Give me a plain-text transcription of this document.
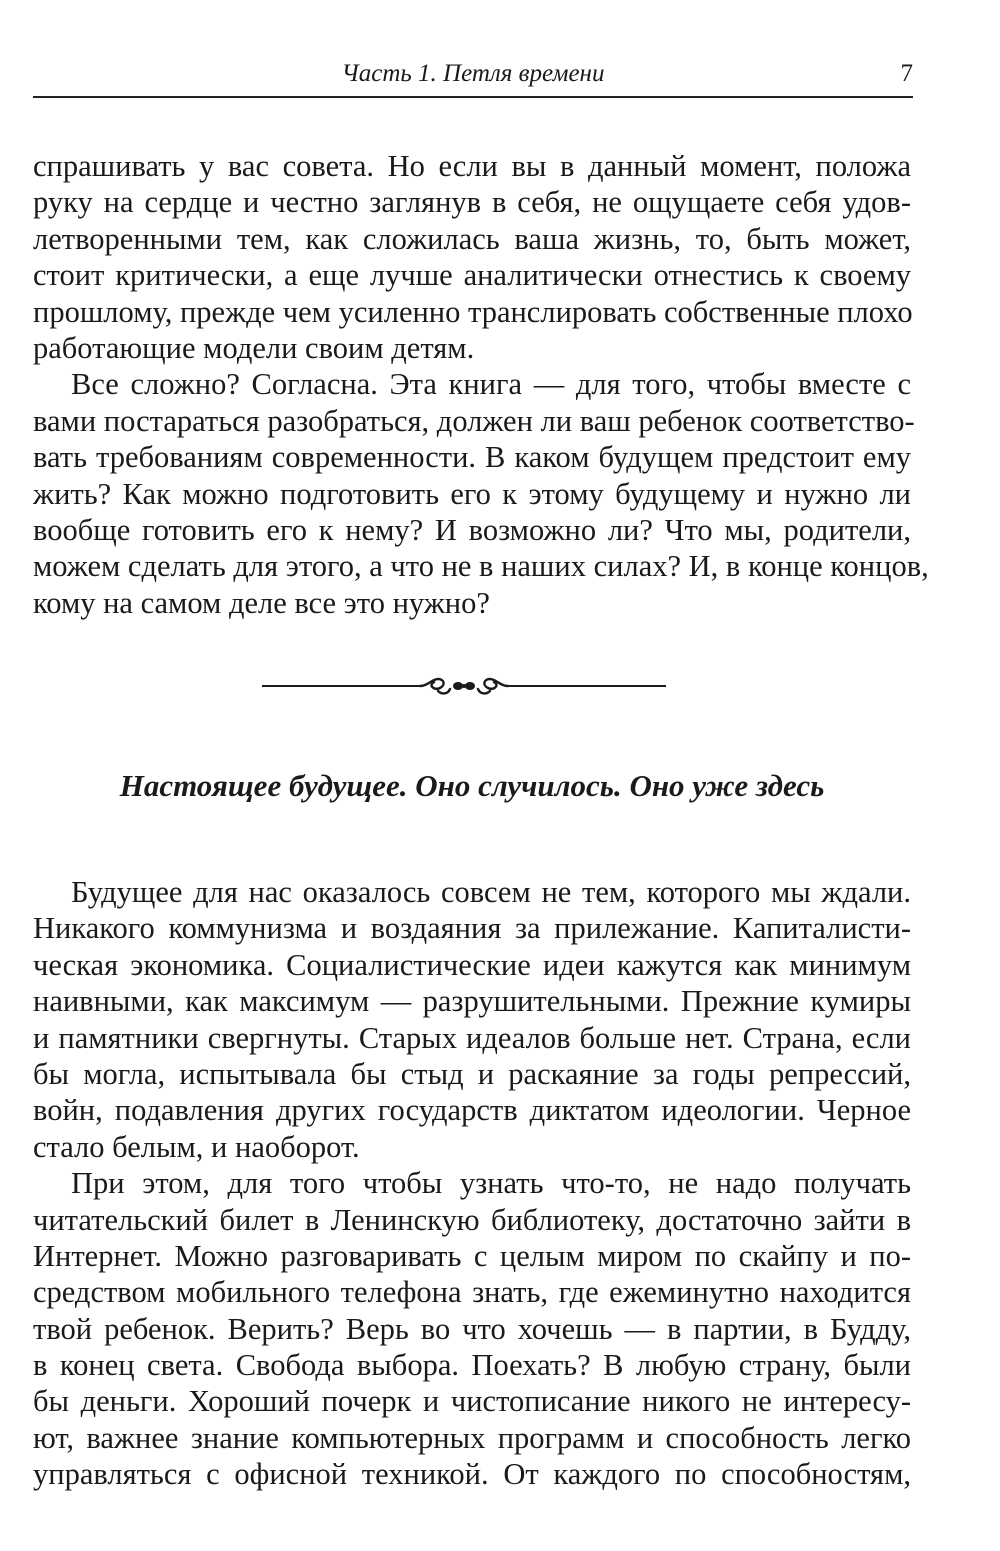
Часть 1. Петля времени	7
спрашивать у вас совета. Но если вы в данный момент, положа
руку на сердце и честно заглянув в себя, не ощущаете себя удов-
летворенными тем, как сложилась ваша жизнь, то, быть может,
стоит критически, а еще лучше аналитически отнестись к своему
прошлому, прежде чем усиленно транслировать собственные плохо
работающие модели своим детям.
Все сложно? Согласна. Эта книга — для того, чтобы вместе с
вами постараться разобраться, должен ли ваш ребенок соответство-
вать требованиям современности. В каком будущем предстоит ему
жить? Как можно подготовить его к этому будущему и нужно ли
вообще готовить его к нему? И возможно ли? Что мы, родители,
можем сделать для этого, а что не в наших силах? И, в конце концов,
кому на самом деле все это нужно?
Настоящее будущее. Оно случилось. Оно уже здесь
Будущее для нас оказалось совсем не тем, которого мы ждали.
Никакого коммунизма и воздаяния за прилежание. Капиталисти-
ческая экономика. Социалистические идеи кажутся как минимум
наивными, как максимум — разрушительными. Прежние кумиры
и памятники свергнуты. Старых идеалов больше нет. Страна, если
бы могла, испытывала бы стыд и раскаяние за годы репрессий,
войн, подавления других государств диктатом идеологии. Черное
стало белым, и наоборот.
При этом, для того чтобы узнать что-то, не надо получать
читательский билет в Ленинскую библиотеку, достаточно зайти в
Интернет. Можно разговаривать с целым миром по скайпу и по-
средством мобильного телефона знать, где ежеминутно находится
твой ребенок. Верить? Верь во что хочешь — в партии, в Будду,
в конец света. Свобода выбора. Поехать? В любую страну, были
бы деньги. Хороший почерк и чистописание никого не интересу-
ют, важнее знание компьютерных программ и способность легко
управляться с офисной техникой. От каждого по способностям,
